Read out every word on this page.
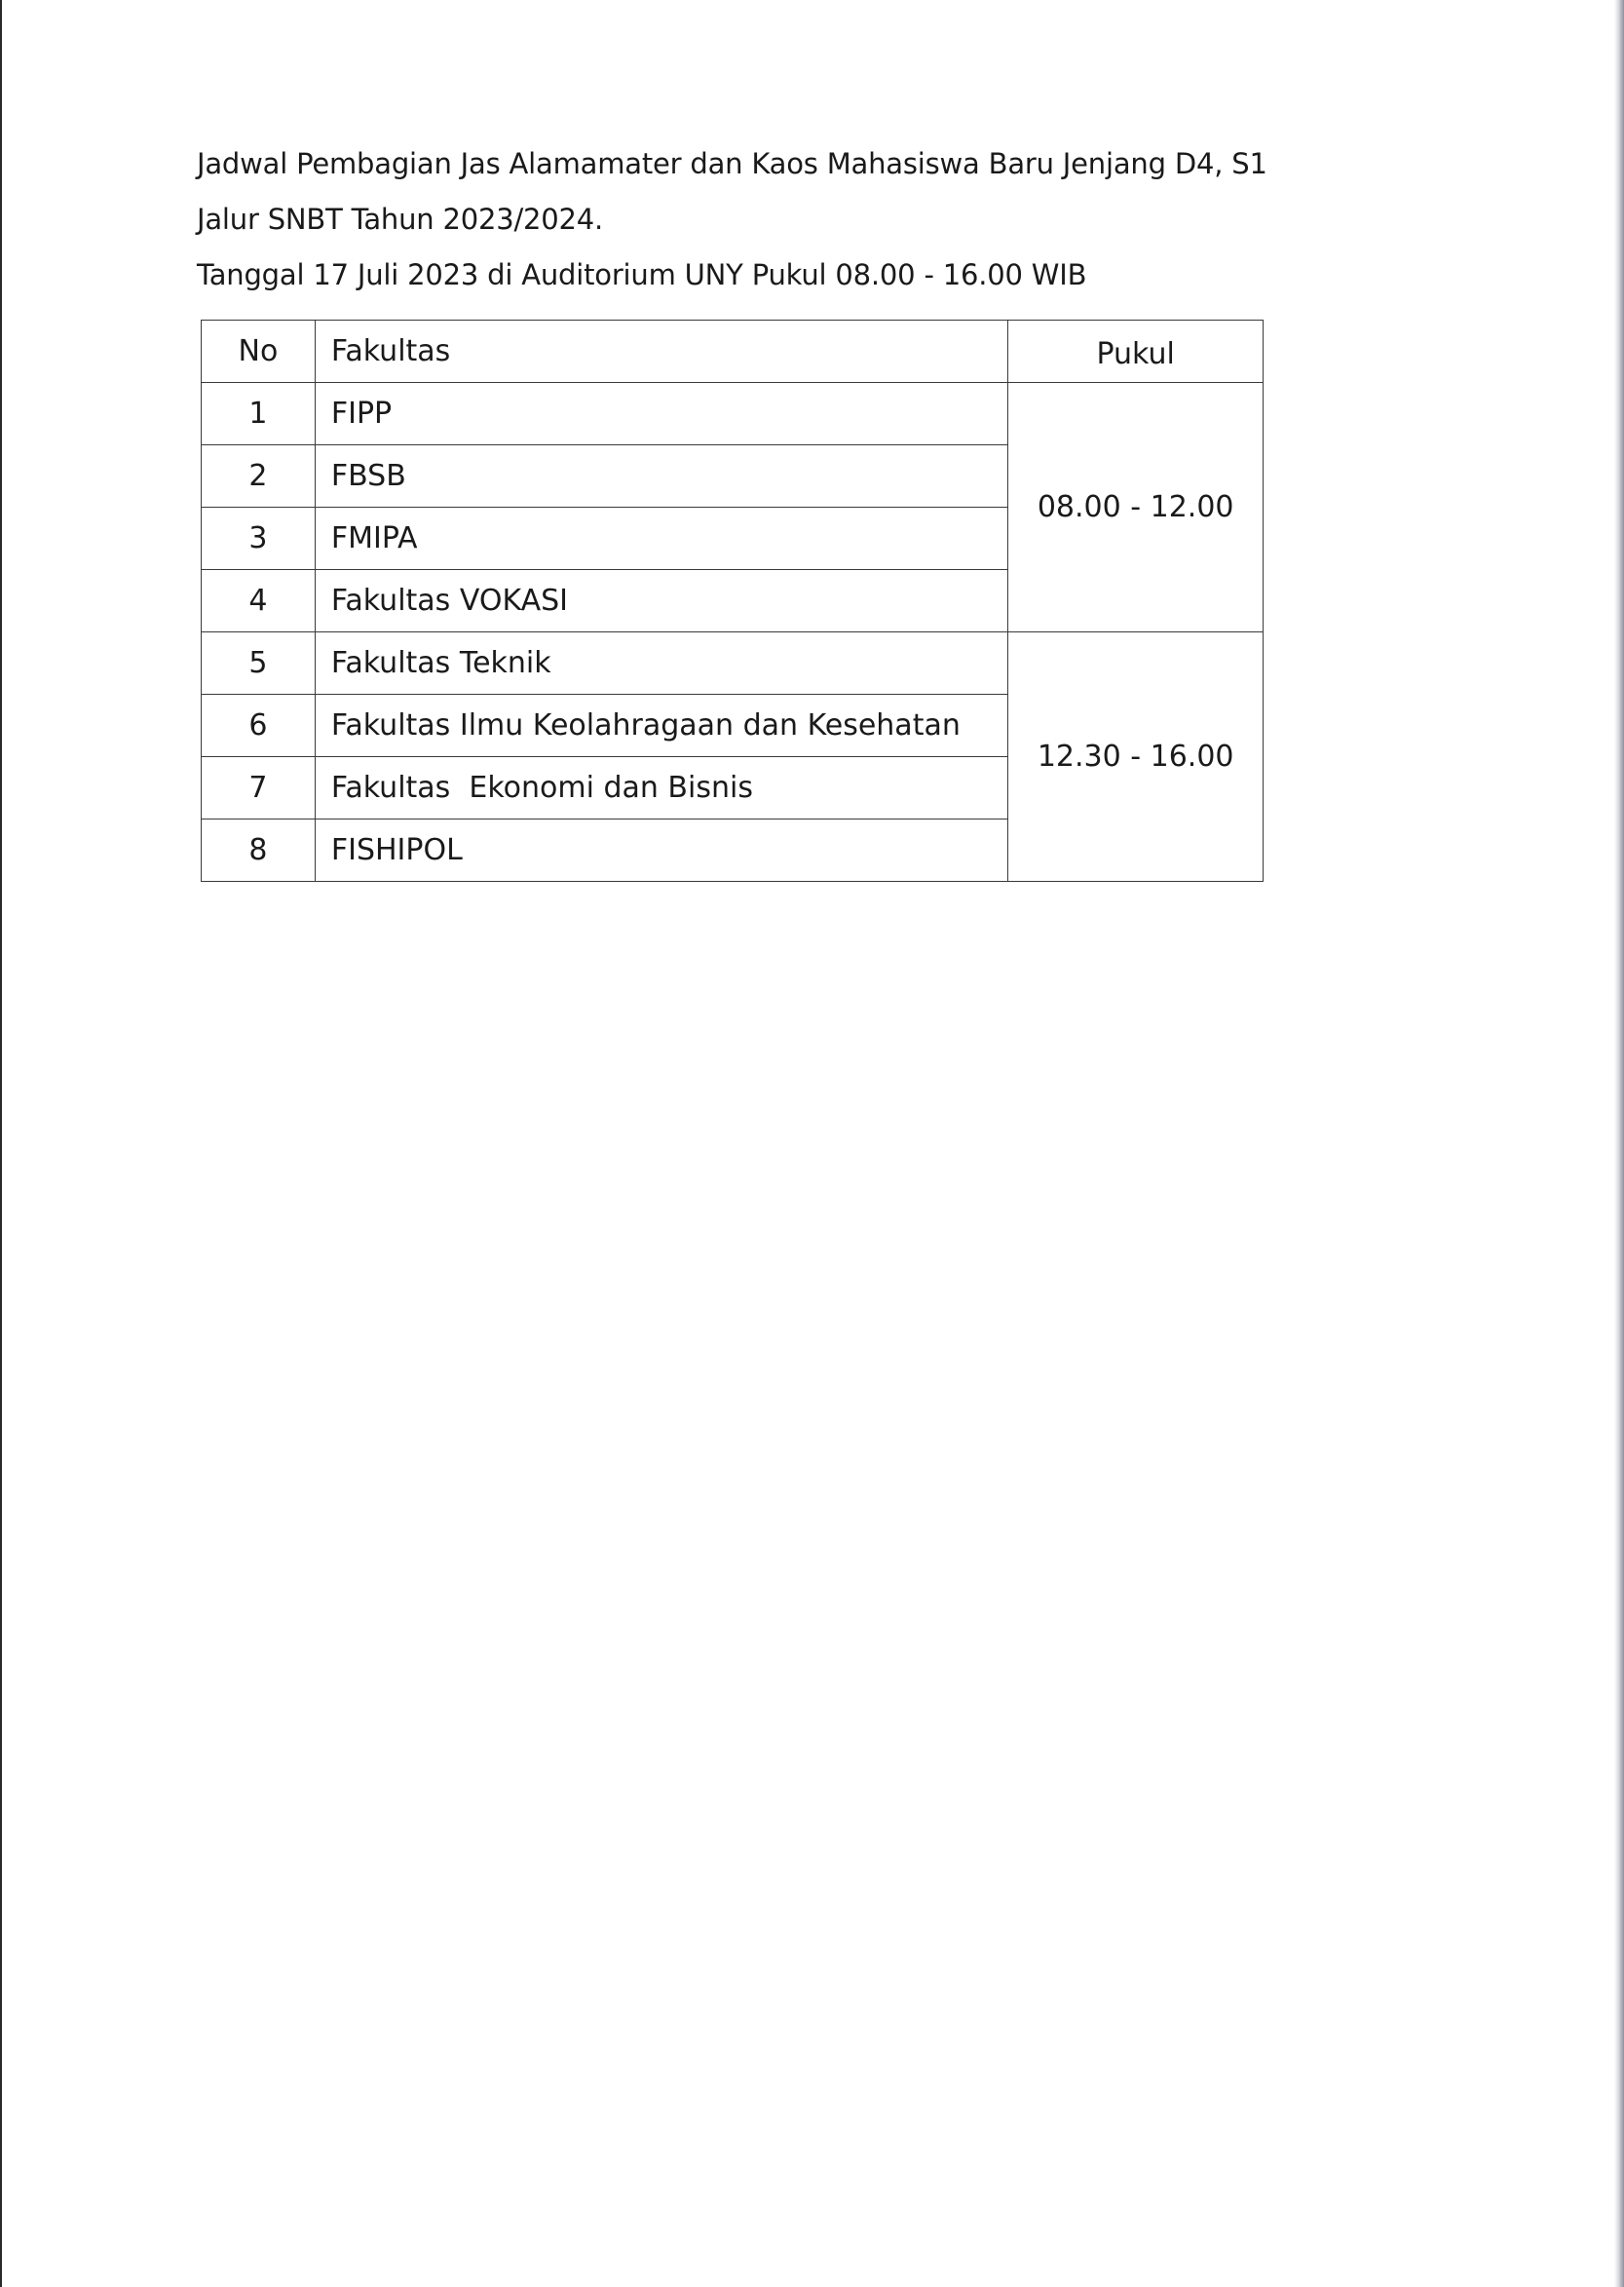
Jadwal Pembagian Jas Alamamater dan Kaos Mahasiswa Baru Jenjang D4, S1

Jalur SNBT Tahun 2023/2024.

Tanggal 17 Juli 2023 di Auditorium UNY Pukul 08.00 - 16.00 WIB

No	Fakultas	Pukul
1	FIPP	08.00 - 12.00
2	FBSB	
3	FMIPA	
4	Fakultas VOKASI	
5	Fakultas Teknik	12.30 - 16.00
6	Fakultas Ilmu Keolahragaan dan Kesehatan	
7	Fakultas  Ekonomi dan Bisnis	
8	FISHIPOL	
